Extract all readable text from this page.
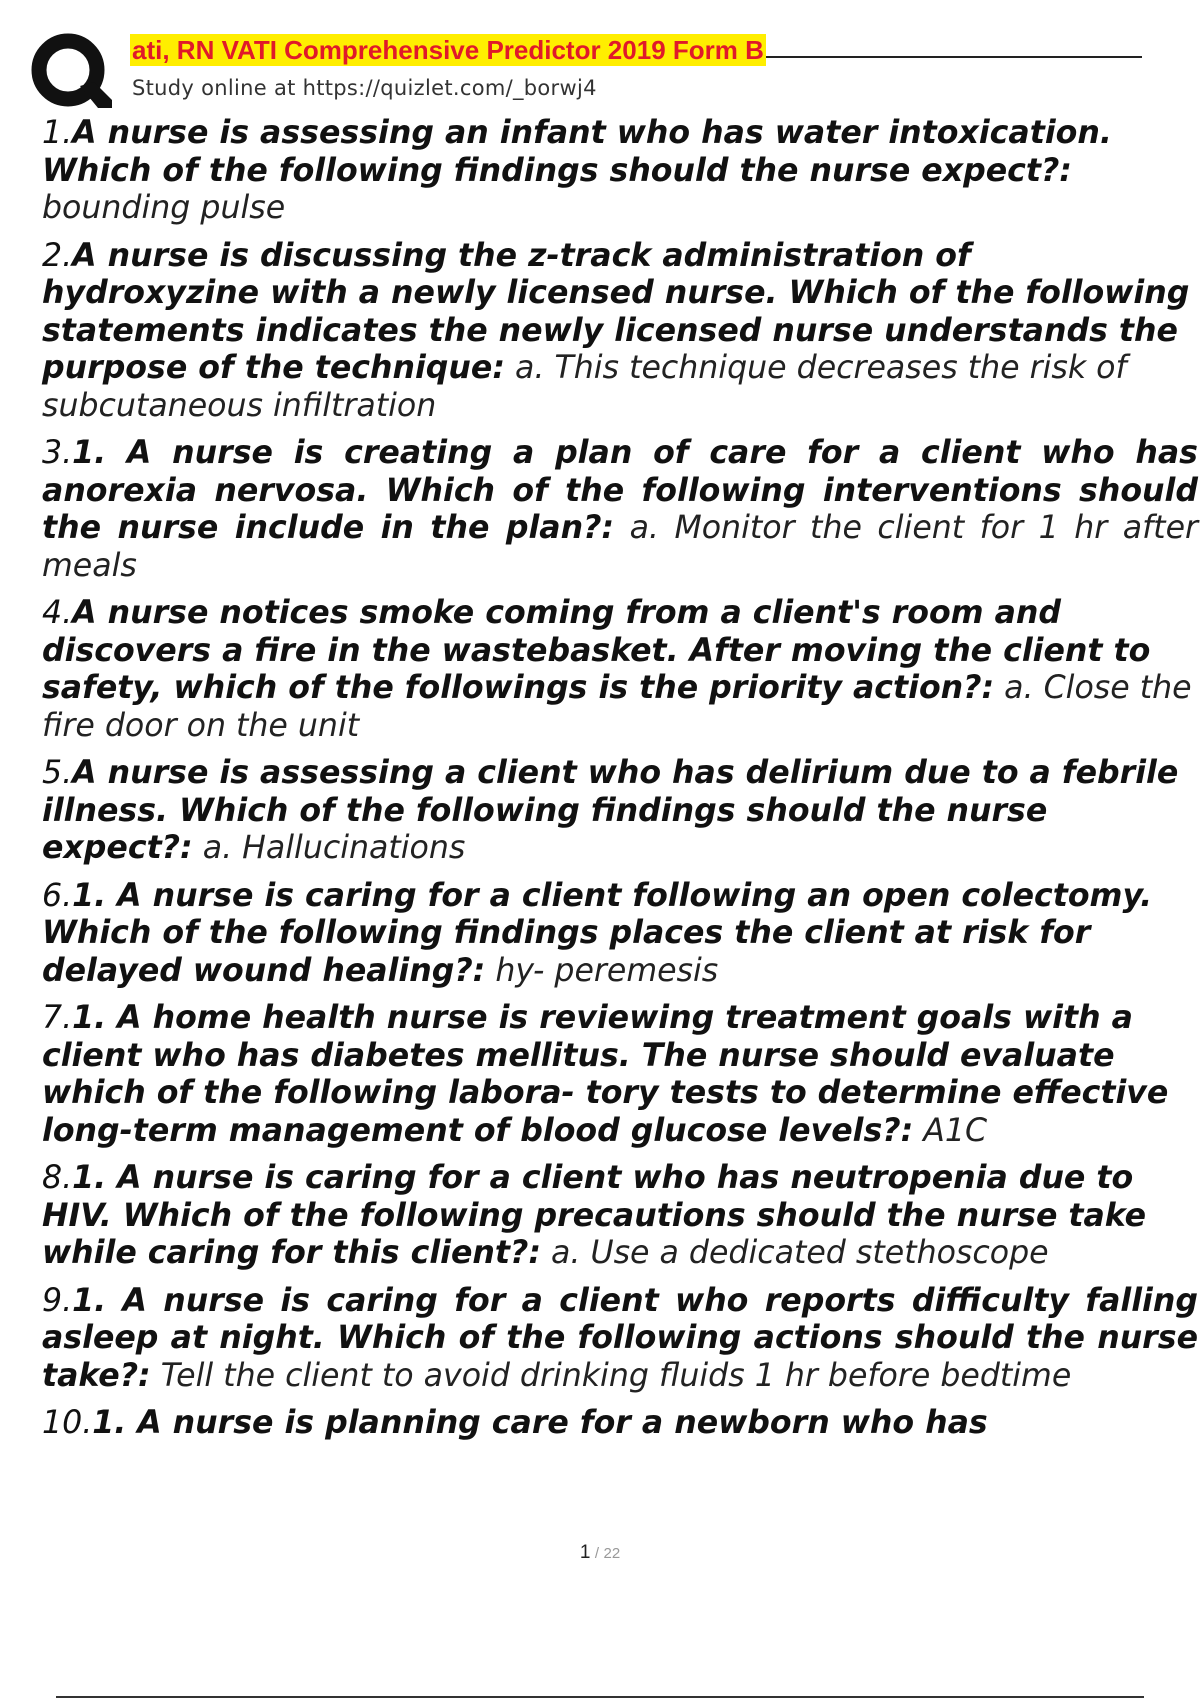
ati, RN VATI Comprehensive Predictor 2019 Form B
Study online at https://quizlet.com/_borwj4
1.A nurse is assessing an infant who has water intoxication. Which of the following findings should the nurse expect?: bounding pulse
2.A nurse is discussing the z-track administration of hydroxyzine with a newly licensed nurse. Which of the following statements indicates the newly licensed nurse understands the purpose of the technique: a. This technique decreases the risk of subcutaneous infiltration
3.1. A nurse is creating a plan of care for a client who has anorexia nervosa. Which of the following interventions should the nurse include in the plan?: a. Monitor the client for 1 hr after meals
4.A nurse notices smoke coming from a client's room and discovers a fire in the wastebasket. After moving the client to safety, which of the followings is the priority action?: a. Close the fire door on the unit
5.A nurse is assessing a client who has delirium due to a febrile illness. Which of the following findings should the nurse expect?: a. Hallucinations
6.1. A nurse is caring for a client following an open colectomy. Which of the following findings places the client at risk for delayed wound healing?: hy- peremesis
7.1. A home health nurse is reviewing treatment goals with a client who has diabetes mellitus. The nurse should evaluate which of the following labora- tory tests to determine effective long-term management of blood glucose levels?: A1C
8.1. A nurse is caring for a client who has neutropenia due to HIV. Which of the following precautions should the nurse take while caring for this client?: a. Use a dedicated stethoscope
9.1. A nurse is caring for a client who reports difficulty falling asleep at night. Which of the following actions should the nurse take?: Tell the client to avoid drinking fluids 1 hr before bedtime
10.1. A nurse is planning care for a newborn who has
1 / 22
